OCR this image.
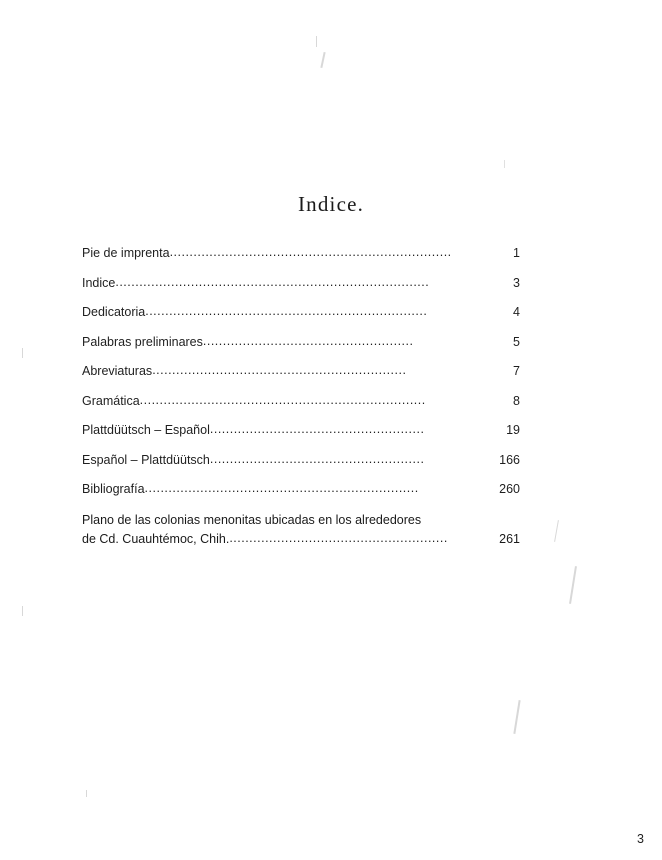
Indice.
Pie de imprenta .......................................................................	1
Indice ...............................................................................	3
Dedicatoria .......................................................................	4
Palabras preliminares .....................................................	5
Abreviaturas ................................................................	7
Gramática ........................................................................	8
Plattdüütsch – Español ......................................................	19
Español – Plattdüütsch ......................................................	166
Bibliografía .....................................................................	260
Plano de las colonias menonitas ubicadas en los alrededores
de Cd. Cuauhtémoc, Chih. .......................................................	261
3
